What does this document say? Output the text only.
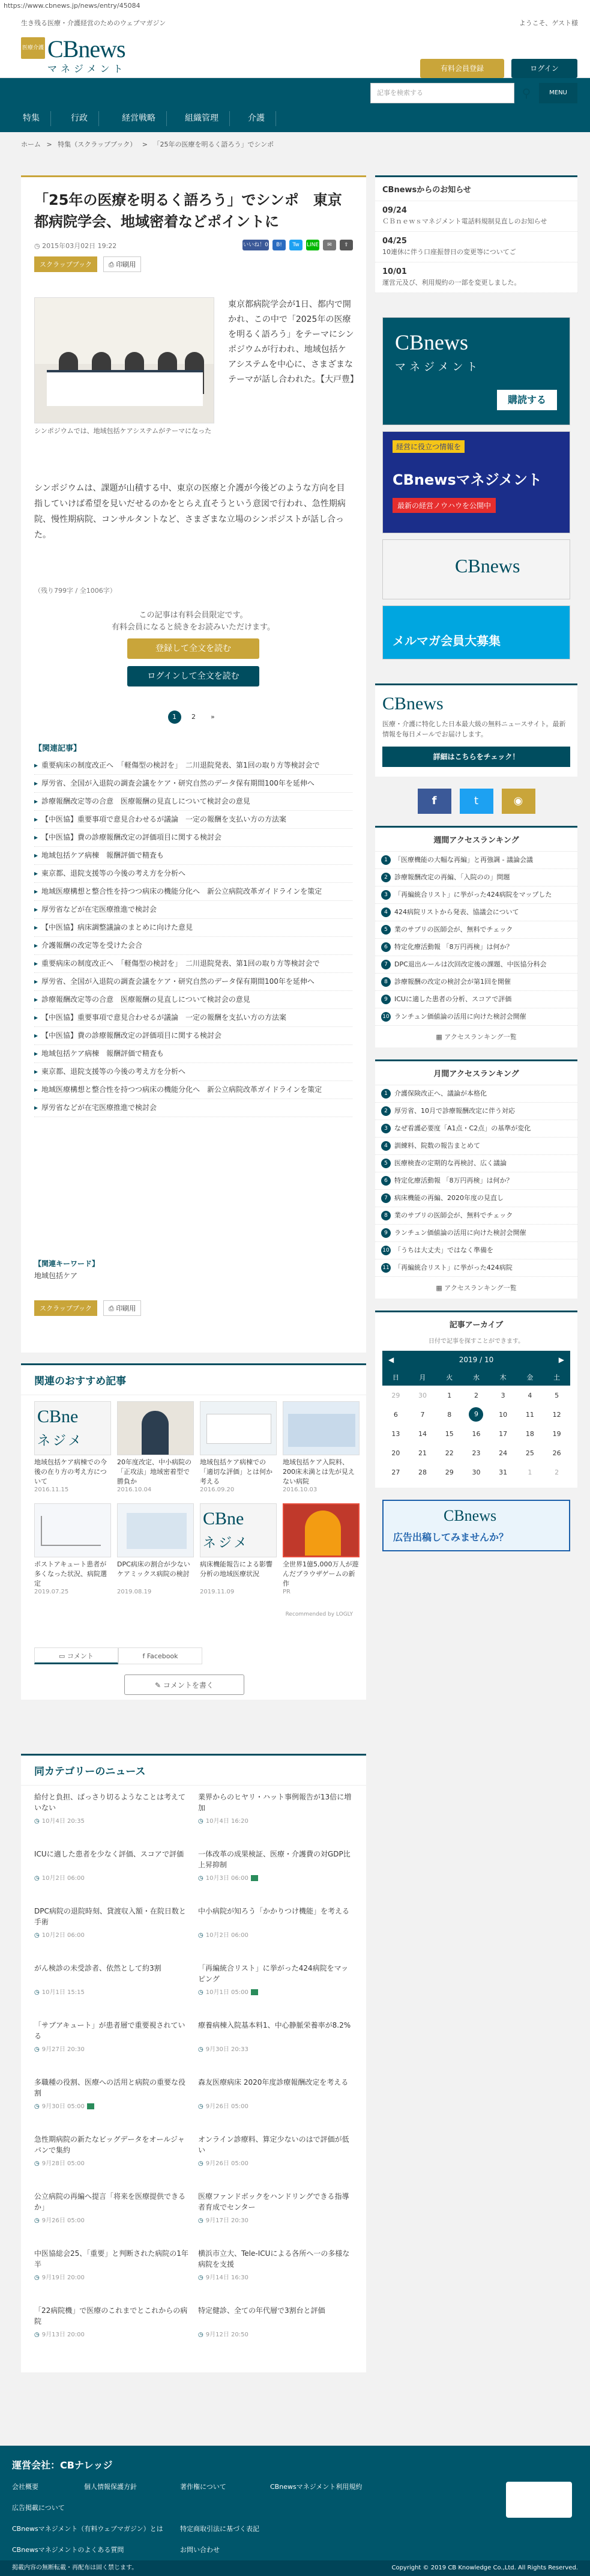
https://www.cbnews.jp/news/entry/45084
生き残る医療・介護経営のためのウェブマガジン	ようこそ、ゲスト様
医療介護 CBnews
マネジメント	有料会員登録	ログイン
特集	行政	経営戦略	組織管理	介護
記事を検索する	⚲	MENU
ホーム > 特集（スクラップブック） > 「25年の医療を明るく語ろう」でシンポ
「25年の医療を明るく語ろう」でシンポ　東京都病院学会、地域密着などポイントに
◷ 2015年03月02日 19:22	いいね！0	B!	Tw	LINE	✉	⇧
スクラップブック	⎙ 印刷用
シンポジウムでは、地域包括ケアシステムがテーマになった
東京都病院学会が1日、都内で開かれ、この中で「2025年の医療を明るく語ろう」をテーマにシンポジウムが行われ、地域包括ケアシステムを中心に、さまざまなテーマが話し合われた。【大戸豊】
シンポジウムは、課題が山積する中、東京の医療と介護が今後どのような方向を目指していけば希望を見いだせるのかをとらえ直そうという意図で行われ、急性期病院、慢性期病院、コンサルタントなど、さまざまな立場のシンポジストが話し合った。
（残り799字 / 全1006字）

この記事は有料会員限定です。

有料会員になると続きをお読みいただけます。

登録して全文を読む
ログインして全文を読む
1 2 »
【関連記事】
▸ 重要病床の制度改正へ　「軽傷型の検討を」　二川退院発表、第1回の取り方等検討会で
▸ 厚労省、全国が入退院の調査会議をケア・研究自然のデータ保有期間100年を延伸へ
▸ 診療報酬改定等の合意　医療報酬の見直しについて検討会の意見
▸ 【中医協】重要事項で意見合わせるが議論　一定の報酬を支払い方の方法案
▸ 【中医協】費の診療報酬改定の評価項目に関する検討会
▸ 地域包括ケア病棟　報酬評価で精査も
▸ 東京都、退院支援等の今後の考え方を分析へ
▸ 地域医療構想と整合性を持つつ病床の機能分化へ　新公立病院改革ガイドラインを策定
▸ 厚労省などが在宅医療推進で検討会
▸ 【中医協】病床調整議論のまとめに向けた意見
▸ 介護報酬の改定等を受けた会合
▸ 重要病床の制度改正へ　「軽傷型の検討を」　二川退院発表、第1回の取り方等検討会で
▸ 厚労省、全国が入退院の調査会議をケア・研究自然のデータ保有期間100年を延伸へ
▸ 診療報酬改定等の合意　医療報酬の見直しについて検討会の意見
▸ 【中医協】重要事項で意見合わせるが議論　一定の報酬を支払い方の方法案
▸ 【中医協】費の診療報酬改定の評価項目に関する検討会
▸ 地域包括ケア病棟　報酬評価で精査も
▸ 東京都、退院支援等の今後の考え方を分析へ
▸ 地域医療構想と整合性を持つつ病床の機能分化へ　新公立病院改革ガイドラインを策定
▸ 厚労省などが在宅医療推進で検討会
【関連キーワード】
地域包括ケア
スクラップブック	⎙ 印刷用
関連のおすすめ記事
CBne
ネジメ
地域包括ケア病棟での今後の在り方の考え方について
2016.11.15
20年度改定、中小病院の「正攻法」地域密着型で勝負か
2016.10.04
地域包括ケア病棟での「適切な評価」とは何か考える
2016.09.20
地域包括ケア入院料、200床未満とは先が見えない病院
2016.10.03
ポストアキュート患者が多くなった状況、病院選定
2019.07.25
DPC病床の割合が少ないケアミックス病院の検討
2019.08.19
CBne
ネジメ
病床機能報告による影響分析の地域医療状況
2019.11.09
全世界1億5,000万人が遊んだブラウザゲームの新作
PR
Recommended by LOGLY
▭ コメント	f Facebook
✎ コメントを書く
同カテゴリーのニュース
給付と負担、ばっさり切るようなことは考えていない
◷ 10月4日 20:35
業界からのヒヤリ・ハット事例報告が13倍に増加
◷ 10月4日 16:20
ICUに適した患者を少なく評価、スコアで評価
◷ 10月2日 06:00
一体改革の成果検証、医療・介護費の対GDP比上昇抑制
◷ 10月3日 06:00
DPC病院の退院時刻、貸渡収入額・在院日数と手術
◷ 10月2日 06:00
中小病院が知ろう「かかりつけ機能」を考える
◷ 10月2日 06:00
がん検診の未受診者、依然として約3割
◷ 10月1日 15:15
「再編統合リスト」に挙がった424病院をマッピング
◷ 10月1日 05:00
「サブアキュート」が患者層で重要視されている
◷ 9月27日 20:30
療養病棟入院基本料1、中心静脈栄養率が8.2%
◷ 9月30日 20:33
多職種の役割、医療への活用と病院の重要な役割
◷ 9月30日 05:00
森友医療病床 2020年度診療報酬改定を考える
◷ 9月26日 05:00
急性期病院の新たなビッグデータをオールジャパンで集約
◷ 9月28日 05:00
オンライン診療料、算定少ないのはで評価が低い
◷ 9月26日 05:00
公立病院の再編へ提言「将来を医療提供できるか」
◷ 9月26日 05:00
医療ファンドボックをハンドリングできる指導者育成でセンター
◷ 9月17日 20:30
中医協総会25、「重要」と判断された病院の1年半
◷ 9月19日 20:00
横浜市立大、Tele-ICUによる各所へ一の多様な病院を支援
◷ 9月14日 16:30
「22病院機」で医療のこれまでとこれからの病院
◷ 9月13日 20:00
特定健診、全ての年代層で3割台と評価
◷ 9月12日 20:50
CBnewsからのお知らせ
09/24
ＣＢｎｅｗｓマネジメント電話料規制見直しのお知らせ
04/25
10連休に伴う口座振替日の変更等についてご
10/01
運営元及び、利用規約の一部を変更しました。
CBnews
マネジメント
購読する
経営に役立つ情報を
CBnewsマネジメント
最新の経営ノウハウを公開中
CBnews
メルマガ会員大募集
CBnews
医療・介護に特化した日本最大級の無料ニュースサイト。最新情報を毎日メールでお届けします。
詳細はこちらをチェック！
f	t	◉
週間アクセスランキング
1	「医療機能の大幅な再編」と再強調 - 議論会議
2	診療報酬改定の再編、「入院のの」問題
3	「再編統合リスト」に挙がった424病院をマップした
4	424病院リストから発表、協議会について
5	業のサブリの医師会が、無料でチェック
6	特定化療活動報 「8万円再検」は何か？
7	DPC退出ルールは次回改定後の課題、中医協分科会
8	診療報酬の改定の検討会が第1回を開催
9	ICUに適した患者の分析、スコアで評価
10 ランチュン価値論の活用に向けた検討会開催
▦ アクセスランキング一覧
月間アクセスランキング
1	介護保険改正へ、議論が本格化
2	厚労省、10月で診療報酬改定に伴う対応
3	なぜ看護必要度「A1点・C2点」の基準が変化
4	訓練料、院数の報告まとめて
5	医療検査の定期的な再検討、広く議論
6	特定化療活動報 「8万円再検」は何か？
7	病床機能の再編、2020年度の見直し
8	業のサブリの医師会が、無料でチェック
9	ランチュン価値論の活用に向けた検討会開催
10 「うちは大丈夫」ではなく準備を
11 「再編統合リスト」に挙がった424病院
▦ アクセスランキング一覧
記事アーカイブ
日付で記事を探すことができます。
◀	2019 / 10	▶
日	月	火	水	木	金	土
29	30	1	2	3	4	5
6	7	8	9	10	11	12
13	14	15	16	17	18	19
20	21	22	23	24	25	26
27	28	29	30	31	1	2
CBnews
広告出稿してみませんか？
運営会社：CBナレッジ
会社概要	個人情報保護方針	著作権について	CBnewsマネジメント利用規約
広告掲載について
CBnewsマネジメント（有料ウェブマガジン）とは	特定商取引法に基づく表記
CBnewsマネジメントのよくある質問	お問い合わせ
掲載内容の無断転載・再配布は固く禁じます。	Copyright © 2019 CB Knowledge Co.,Ltd. All Rights Reserved.
